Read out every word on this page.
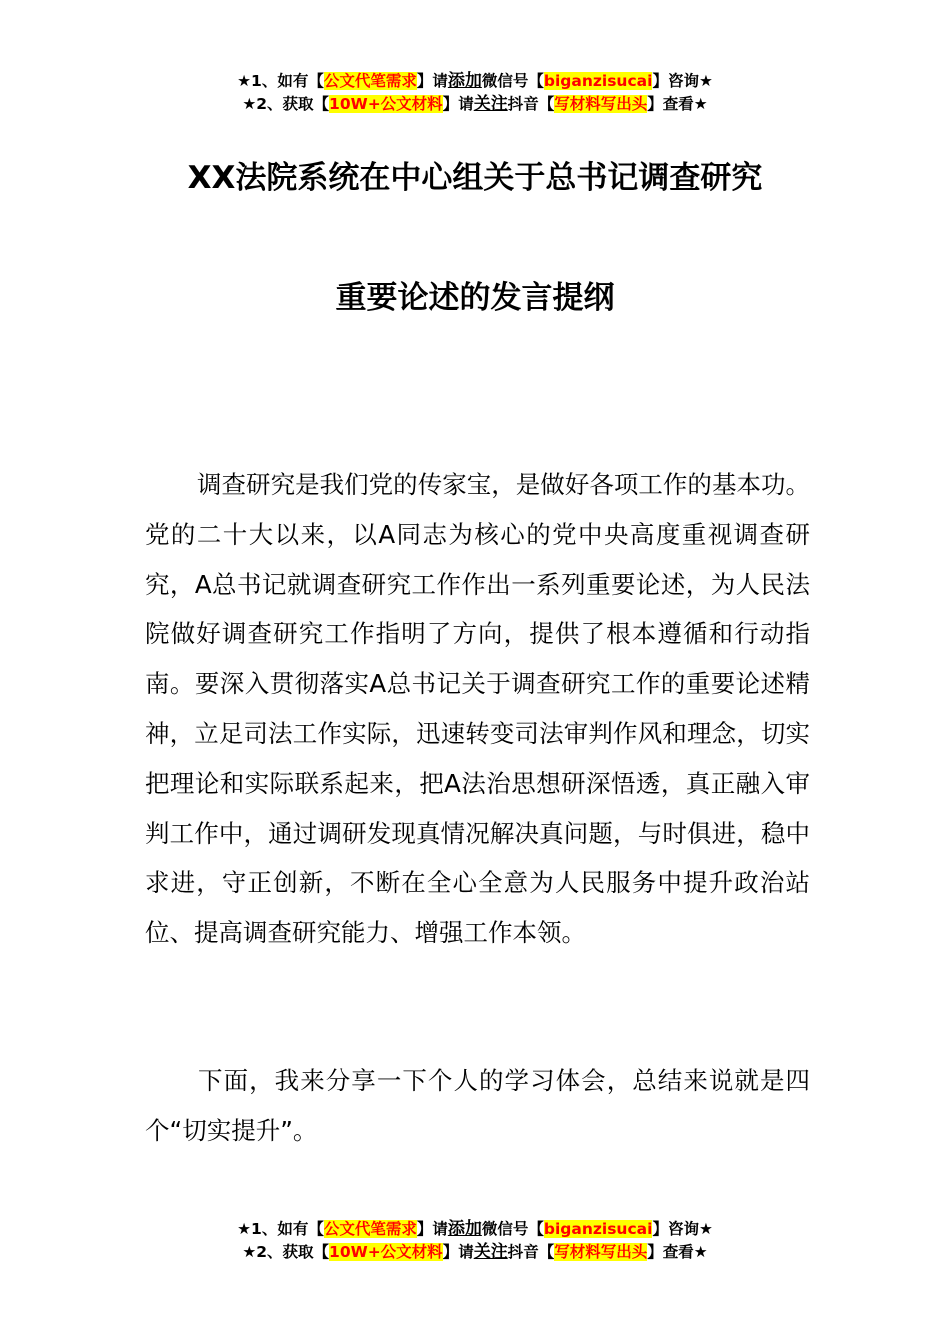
★1、如有【公文代笔需求】请添加微信号【biganzisucai】咨询★
★2、获取【10W+公文材料】请关注抖音【写材料写出头】查看★
XX法院系统在中心组关于总书记调查研究
重要论述的发言提纲
调查研究是我们党的传家宝，是做好各项工作的基本功。党的二十大以来，以A同志为核心的党中央高度重视调查研究，A总书记就调查研究工作作出一系列重要论述，为人民法院做好调查研究工作指明了方向，提供了根本遵循和行动指南。要深入贯彻落实A总书记关于调查研究工作的重要论述精神，立足司法工作实际，迅速转变司法审判作风和理念，切实把理论和实际联系起来，把A法治思想研深悟透，真正融入审判工作中，通过调研发现真情况解决真问题，与时俱进，稳中求进，守正创新，不断在全心全意为人民服务中提升政治站位、提高调查研究能力、增强工作本领。
下面，我来分享一下个人的学习体会，总结来说就是四个“切实提升”。
★1、如有【公文代笔需求】请添加微信号【biganzisucai】咨询★
★2、获取【10W+公文材料】请关注抖音【写材料写出头】查看★
